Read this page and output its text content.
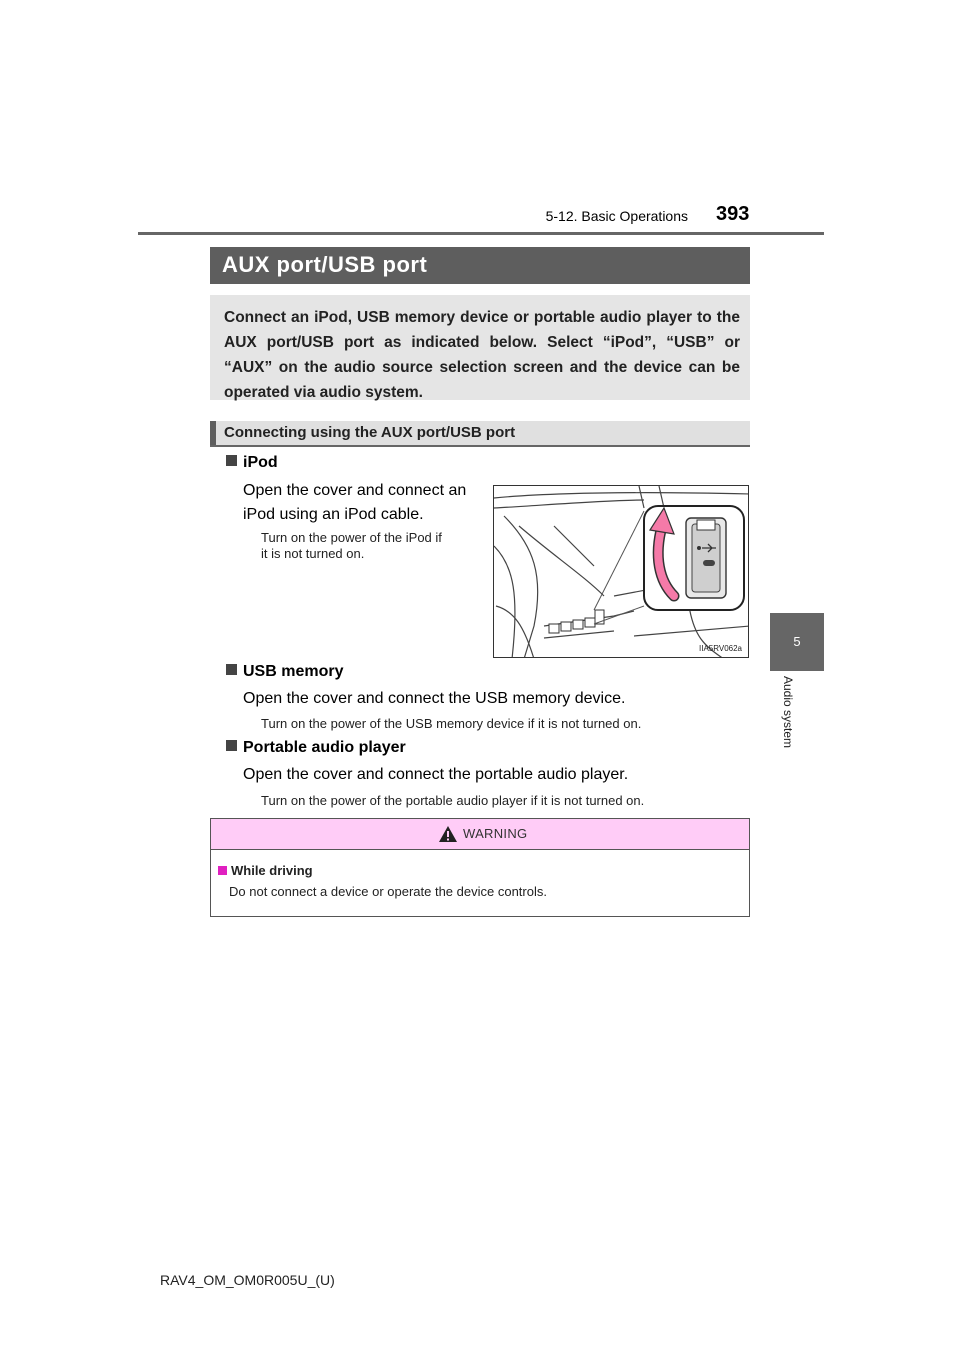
5-12. Basic Operations 393
5
Audio system
AUX port/USB port

Connect an iPod, USB memory device or portable audio player to the AUX port/USB port as indicated below. Select “iPod”, “USB” or “AUX” on the audio source selection screen and the device can be operated via audio system.

Connecting using the AUX port/USB port
iPod
Open the cover and connect an
iPod using an iPod cable.
Turn on the power of the iPod if
it is not turned on.
IIA5RV062a
USB memory
Open the cover and connect the USB memory device.
Turn on the power of the USB memory device if it is not turned on.
Portable audio player
Open the cover and connect the portable audio player.
Turn on the power of the portable audio player if it is not turned on.
WARNING
While driving
Do not connect a device or operate the device controls.
RAV4_OM_OM0R005U_(U)
